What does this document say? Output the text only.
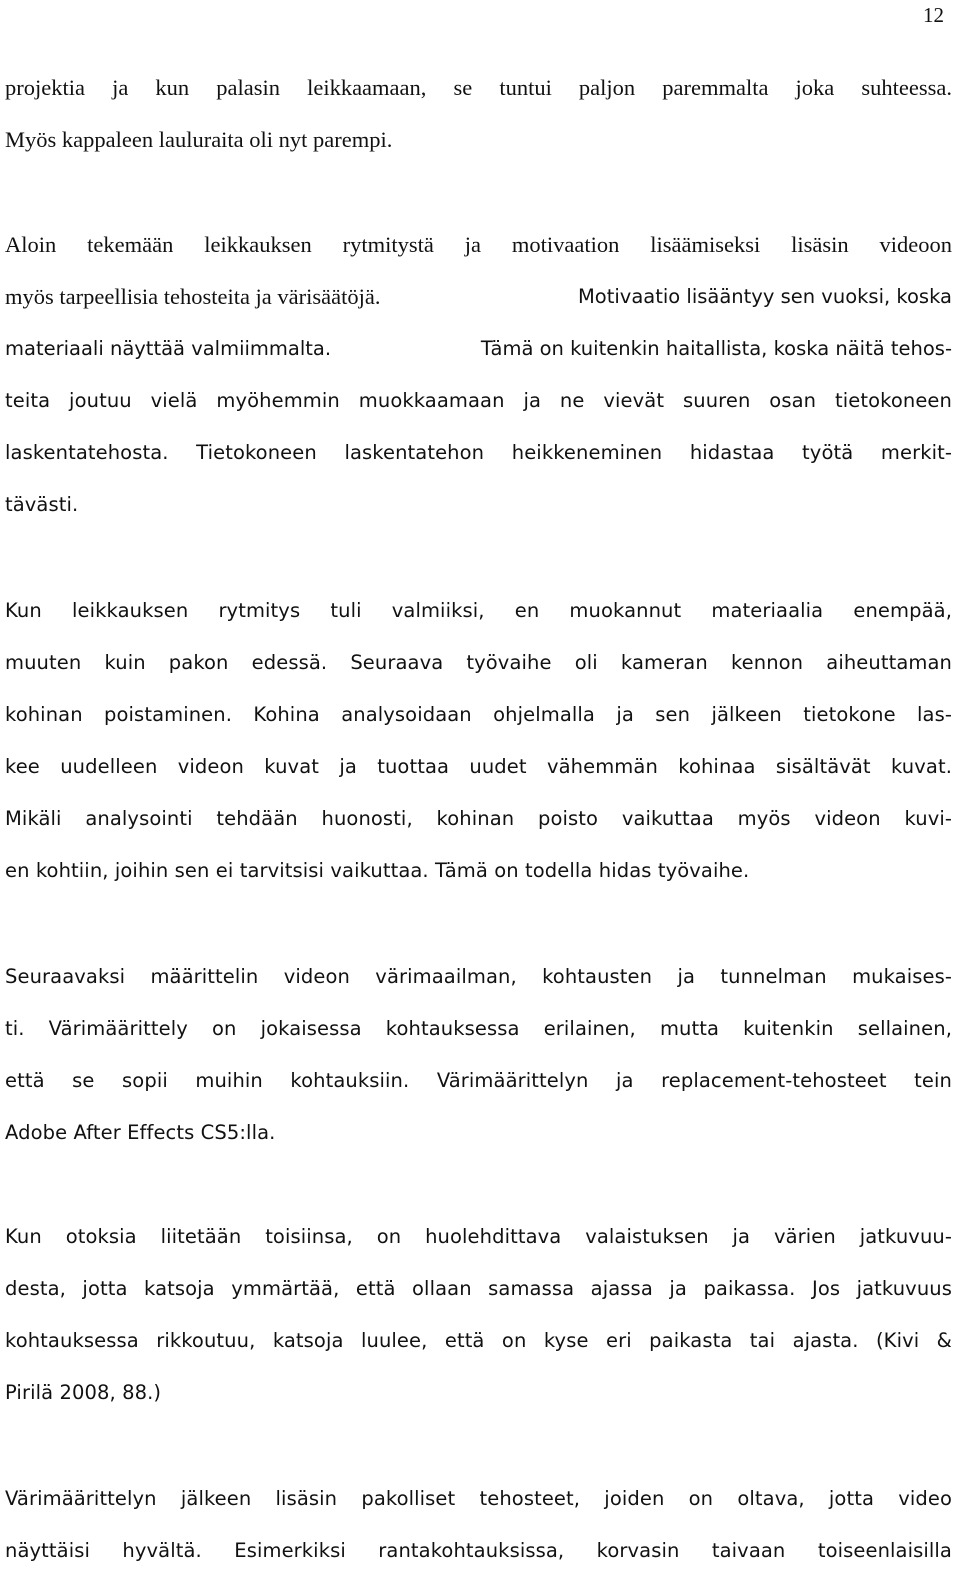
12
projektia ja kun palasin leikkaamaan, se tuntui paljon paremmalta joka suhteessa.
Myös kappaleen lauluraita oli nyt parempi.
Aloin tekemään leikkauksen rytmitystä ja motivaation lisäämiseksi lisäsin videoon
myös tarpeellisia tehosteita ja värisäätöjä.	Motivaatio lisääntyy sen vuoksi, koska
materiaali näyttää valmiimmalta.	Tämä on kuitenkin haitallista, koska näitä tehos-
teita joutuu vielä myöhemmin muokkaamaan ja ne vievät suuren osan tietokoneen
laskentatehosta. Tietokoneen laskentatehon heikkeneminen hidastaa työtä merkit-
tävästi.
Kun leikkauksen rytmitys tuli valmiiksi, en muokannut materiaalia enempää,
muuten kuin pakon edessä. Seuraava työvaihe oli kameran kennon aiheuttaman
kohinan poistaminen. Kohina analysoidaan ohjelmalla ja sen jälkeen tietokone las-
kee uudelleen videon kuvat ja tuottaa uudet vähemmän kohinaa sisältävät kuvat.
Mikäli analysointi tehdään huonosti, kohinan poisto vaikuttaa myös videon kuvi-
en kohtiin, joihin sen ei tarvitsisi vaikuttaa. Tämä on todella hidas työvaihe.
Seuraavaksi määrittelin videon värimaailman, kohtausten ja tunnelman mukaises-
ti. Värimäärittely on jokaisessa kohtauksessa erilainen, mutta kuitenkin sellainen,
että se sopii muihin kohtauksiin. Värimäärittelyn ja replacement-tehosteet tein
Adobe After Effects CS5:lla.
Kun otoksia liitetään toisiinsa, on huolehdittava valaistuksen ja värien jatkuvuu-
desta, jotta katsoja ymmärtää, että ollaan samassa ajassa ja paikassa. Jos jatkuvuus
kohtauksessa rikkoutuu, katsoja luulee, että on kyse eri paikasta tai ajasta. (Kivi &
Pirilä 2008, 88.)
Värimäärittelyn jälkeen lisäsin pakolliset tehosteet, joiden on oltava, jotta video
näyttäisi hyvältä. Esimerkiksi rantakohtauksissa, korvasin taivaan toiseenlaisilla
